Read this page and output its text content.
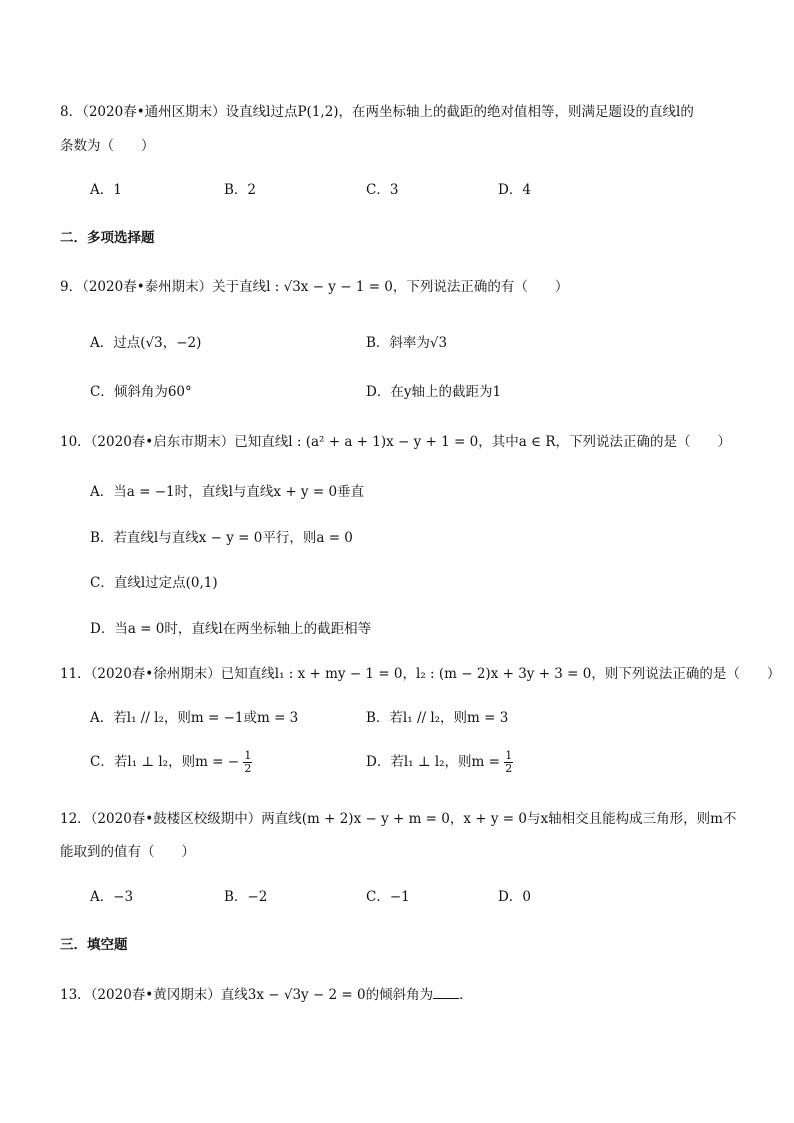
8．（2020春•通州区期末）设直线l过点P(1,2)，在两坐标轴上的截距的绝对值相等，则满足题设的直线l的
条数为（　　）
A．1	B．2	C．3	D．4
二．多项选择题
9．（2020春•泰州期末）关于直线l : √3x − y − 1 = 0，下列说法正确的有（　　）
A．过点(√3，−2)	B．斜率为√3
C．倾斜角为60°	D．在y轴上的截距为1
10．（2020春•启东市期末）已知直线l : (a² + a + 1)x − y + 1 = 0，其中a ∈ R，下列说法正确的是（　　）
A．当a = −1时，直线l与直线x + y = 0垂直
B．若直线l与直线x − y = 0平行，则a = 0
C．直线l过定点(0,1)
D．当a = 0时，直线l在两坐标轴上的截距相等
11．（2020春•徐州期末）已知直线l₁ : x + my − 1 = 0，l₂ : (m − 2)x + 3y + 3 = 0，则下列说法正确的是（　　）
A．若l₁ // l₂，则m = −1或m = 3	B．若l₁ // l₂，则m = 3
C．若l₁ ⊥ l₂，则m = − $\frac{1}{2}$	D．若l₁ ⊥ l₂，则$m = \frac{1}{2}$
12．（2020春•鼓楼区校级期中）两直线(m + 2)x − y + m = 0，x + y = 0与x轴相交且能构成三角形，则m不
能取到的值有（　　）
A．−3	B．−2	C．−1	D．0
三．填空题
13．（2020春•黄冈期末）直线3x − √3y − 2 = 0的倾斜角为 ．
